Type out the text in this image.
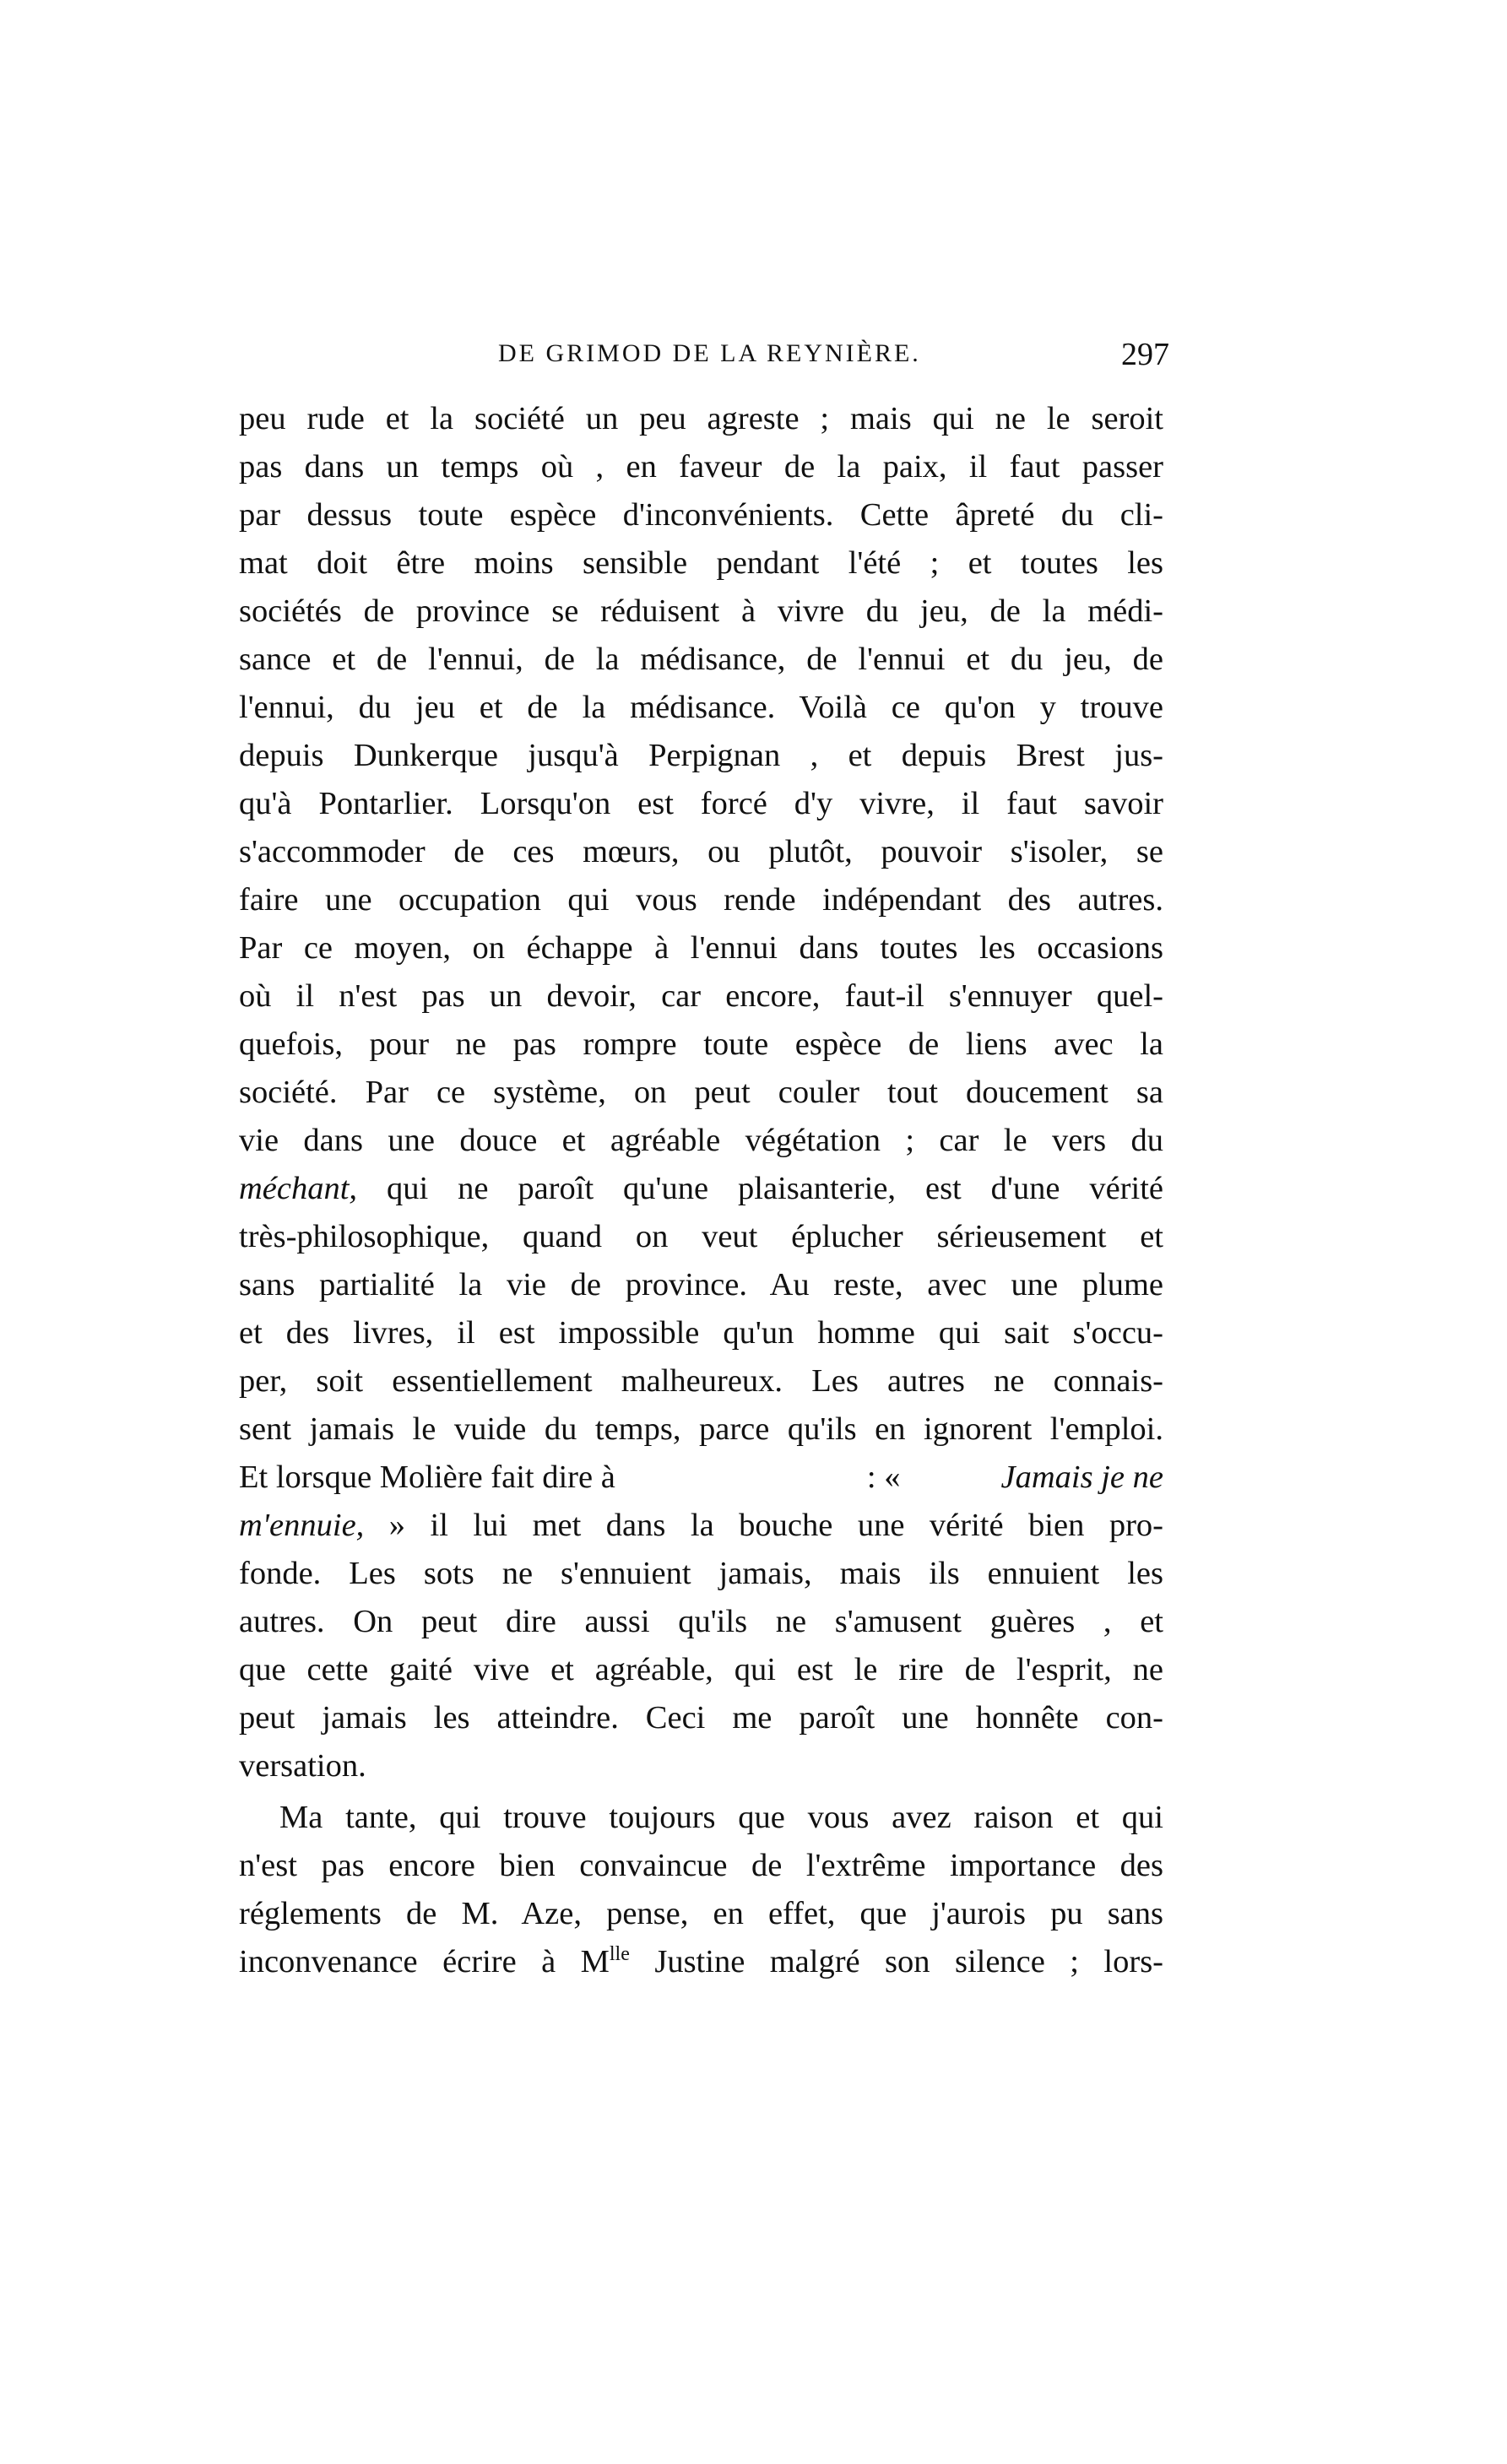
DE GRIMOD DE LA REYNIÈRE.	297
peu rude et la société un peu agreste ; mais qui ne le seroit
pas dans un temps où , en faveur de la paix, il faut passer
par dessus toute espèce d'inconvénients. Cette âpreté du cli-
mat doit être moins sensible pendant l'été ; et toutes les
sociétés de province se réduisent à vivre du jeu, de la médi-
sance et de l'ennui, de la médisance, de l'ennui et du jeu, de
l'ennui, du jeu et de la médisance. Voilà ce qu'on y trouve
depuis Dunkerque jusqu'à Perpignan , et depuis Brest jus-
qu'à Pontarlier. Lorsqu'on est forcé d'y vivre, il faut savoir
s'accommoder de ces mœurs, ou plutôt, pouvoir s'isoler, se
faire une occupation qui vous rende indépendant des autres.
Par ce moyen, on échappe à l'ennui dans toutes les occasions
où il n'est pas un devoir, car encore, faut-il s'ennuyer quel-
quefois, pour ne pas rompre toute espèce de liens avec la
société. Par ce système, on peut couler tout doucement sa
vie dans une douce et agréable végétation ; car le vers du
méchant, qui ne paroît qu'une plaisanterie, est d'une vérité
très-philosophique, quand on veut éplucher sérieusement et
sans partialité la vie de province. Au reste, avec une plume
et des livres, il est impossible qu'un homme qui sait s'occu-
per, soit essentiellement malheureux. Les autres ne connais-
sent jamais le vuide du temps, parce qu'ils en ignorent l'emploi.
Et lorsque Molière fait dire à	: «	Jamais je ne
m'ennuie, » il lui met dans la bouche une vérité bien pro-
fonde. Les sots ne s'ennuient jamais, mais ils ennuient les
autres. On peut dire aussi qu'ils ne s'amusent guères , et
que cette gaité vive et agréable, qui est le rire de l'esprit, ne
peut jamais les atteindre. Ceci me paroît une honnête con-
versation.
Ma tante, qui trouve toujours que vous avez raison et qui
n'est pas encore bien convaincue de l'extrême importance des
réglements de M. Aze, pense, en effet, que j'aurois pu sans
inconvenance écrire à $M^{lle}$ Justine malgré son silence ; lors-
